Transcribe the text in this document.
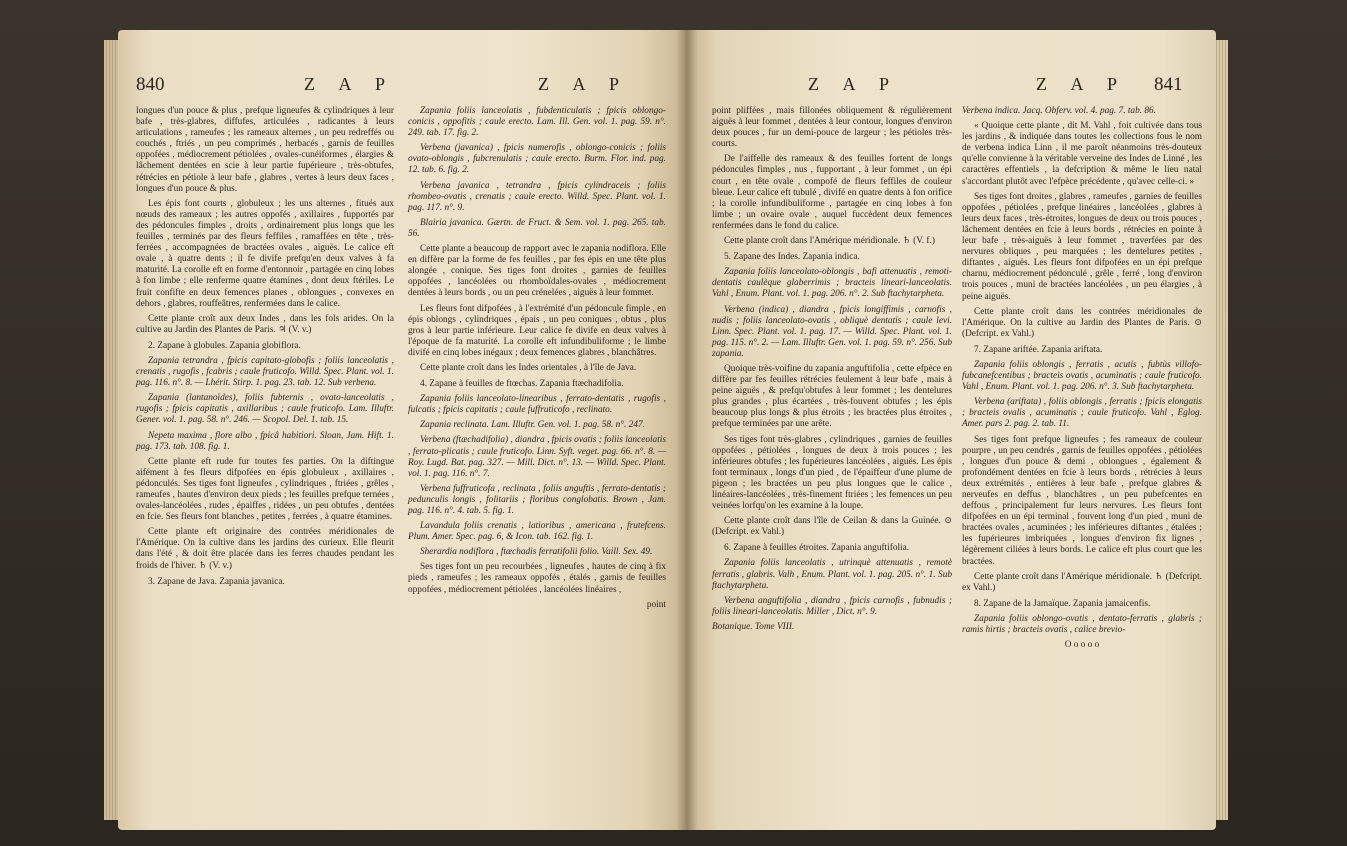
840	Z A P	Z A P

longues d'un pouce & plus , prefque ligneufes & cylindriques à leur bafe , très-glabres, diffufes, articulées , radicantes à leurs articulations , rameufes ; les rameaux alternes , un peu redreffés ou couchés , ftriés , un peu comprimés , herbacés , garnis de feuilles oppofées , médiocrement pétiolées , ovales-cunéiformes , élargies & lâchement dentées en scie à leur partie fupérieure , très-obtufes, rétrécies en pétiole à leur bafe , glabres , vertes à leurs deux faces , longues d'un pouce & plus.

Les épis font courts , globuleux ; les uns alternes , fitués aux nœuds des rameaux ; les autres oppofés , axillaires , fupportés par des pédoncules fimples , droits , ordinairement plus longs que les feuilles , terminés par des fleurs feffiles , ramaffées en tête , très-ferrées , accompagnées de bractées ovales , aiguës. Le calice eft ovale , à quatre dents ; il fe divife prefqu'en deux valves à fa maturité. La corolle eft en forme d'entonnoir , partagée en cinq lobes à fon limbe ; elle renferme quatre étamines , dont deux ftériles. Le fruit confifte en deux femences planes , oblongues , convexes en dehors , glabres, rouffeâtres, renfermées dans le calice.

Cette plante croît aux deux Indes , dans les fols arides. On la cultive au Jardin des Plantes de Paris. ♃ (V. v.)

2. Zapane à globules. Zapania globiflora.

Zapania tetrandra , fpicis capitato-globofis ; foliis lanceolatis , crenatis , rugofis , fcabris ; caule fruticofo. Willd. Spec. Plant. vol. 1. pag. 116. n°. 8. — Lhérit. Stirp. 1. pag. 23. tab. 12. Sub verbena.

Zapania (lantanoïdes), foliis fubternis , ovato-lanceolatis , rugofis ; fpicis capitatis , axillaribus ; caule fruticofo. Lam. Illuftr. Gener. vol. 1. pag. 58. n°. 246. — Scopol. Del. 1. tab. 15.

Nepeta maxima , flore albo , fpicâ habitiori. Sloan, Jam. Hift. 1. pag. 173. tab. 108. fig. 1.

Cette plante eft rude fur toutes fes parties. On la diftingue aifément à fes fleurs difpofées en épis globuleux , axillaires , pédonculés. Ses tiges font ligneufes , cylindriques , ftriées , grêles , rameufes , hautes d'environ deux pieds ; les feuilles prefque ternées , ovales-lancéolées , rudes , épaiffes , ridées , un peu obtufes , dentées en fcie. Ses fleurs font blanches , petites , ferrées , à quatre étamines.

Cette plante eft originaire des contrées méridionales de l'Amérique. On la cultive dans les jardins des curieux. Elle fleurit dans l'été , & doit être placée dans les ferres chaudes pendant les froids de l'hiver. ♄ (V. v.)

3. Zapane de Java. Zapania javanica.

Zapania foliis lanceolatis , fubdenticulatis ; fpicis oblongo-conicis , oppofitis ; caule erecto. Lam. Ill. Gen. vol. 1. pag. 59. n°. 249. tab. 17. fig. 2.

Verbena (javanica) , fpicis numerofis , oblongo-conicis ; foliis ovato-oblongis , fubcrenulatis ; caule erecto. Burm. Flor. ind. pag. 12. tab. 6. fig. 2.

Verbena javanica , tetrandra , fpicis cylindraceis ; foliis rhombeo-ovatis , crenatis ; caule erecto. Willd. Spec. Plant. vol. 1. pag. 117. n°. 9.

Blairia javanica. Gærtn. de Fruct. & Sem. vol. 1. pag. 265. tab. 56.

Cette plante a beaucoup de rapport avec le zapania nodiflora. Elle en diffère par la forme de fes feuilles , par fes épis en une tête plus alongée , conique. Ses tiges font droites , garnies de feuilles oppofées , lancéolées ou rhomboïdales-ovales , médiocrement dentées à leurs bords , ou un peu crénelées , aiguës à leur fommet.

Les fleurs font difpofées , à l'extrémité d'un pédoncule fimple , en épis oblongs , cylindriques , épais , un peu coniques , obtus , plus gros à leur partie inférieure. Leur calice fe divife en deux valves à l'époque de fa maturité. La corolle eft infundibuliforme ; le limbe divifé en cinq lobes inégaux ; deux femences glabres , blanchâtres.

Cette plante croît dans les Indes orientales , à l'île de Java.

4. Zapane à feuilles de ftœchas. Zapania ftæchadifolia.

Zapania foliis lanceolato-linearibus , ferrato-dentatis , rugofis , fulcatis ; fpicis capitatis ; caule fuffruticofo , reclinato.

Zapania reclinata. Lam. Illuftr. Gen. vol. 1. pag. 58. n°. 247.

Verbena (ftæchadifolia) , diandra , fpicis ovatis ; foliis lanceolatis , ferrato-plicatis ; caule fruticofo. Linn. Syft. veget. pag. 66. n°. 8. — Roy. Lugd. Bat. pag. 327. — Mill. Dict. n°. 13. — Willd. Spec. Plant. vol. 1. pag. 116. n°. 7.

Verbena fuffruticofa , reclinata , foliis anguftis , ferrato-dentatis ; pedunculis longis , folitariis ; floribus conglobatis. Brown , Jam. pag. 116. n°. 4. tab. 5. fig. 1.

Lavandula foliis crenatis , latioribus , americana , frutefcens. Plum. Amer. Spec. pag. 6, & Icon. tab. 162. fig. 1.

Sherardia nodiflora , ftæchadis ferratifolii folio. Vaill. Sex. 49.

Ses tiges font un peu recourbées , ligneufes , hautes de cinq à fix pieds , rameufes ; les rameaux oppofés , étalés , garnis de feuilles oppofées , médiocrement pétiolées , lancéolées linéaires ,

point
Z A P	Z A P 841

point pliffées , mais fillonées obliquement & régulièrement aiguës à leur fommet , dentées à leur contour, longues d'environ deux pouces , fur un demi-pouce de largeur ; les pétioles très-courts.

De l'aiffelle des rameaux & des feuilles fortent de longs pédoncules fimples , nus , fupportant , à leur fommet , un épi court , en tête ovale , compofé de fleurs feffiles de couleur bleue. Leur calice eft tubulé , divifé en quatre dents à fon orifice ; la corolle infundibuliforme , partagée en cinq lobes à fon limbe ; un ovaire ovale , auquel fuccèdent deux femences renfermées dans le fond du calice.

Cette plante croît dans l'Amérique méridionale. ♄ (V. f.)

5. Zapane des Indes. Zapania indica.

Zapania foliis lanceolato-oblongis , bafi attenuatis , remoti-dentatis caulèque glaberrimis ; bracteis lineari-lanceolatis. Vahl , Enum. Plant. vol. 1. pag. 206. n°. 2. Sub ftachytarpheta.

Verbena (indica) , diandra , fpicis longiffimis , carnofis , nudis ; foliis lanceolato-ovatis , obliquè dentatis ; caule levi. Linn. Spec. Plant. vol. 1. pag. 17. — Willd. Spec. Plant. vol. 1. pag. 115. n°. 2. — Lam. Illuftr. Gen. vol. 1. pag. 59. n°. 256. Sub zapania.

Quoique très-voifine du zapania anguftifolia , cette efpèce en diffère par fes feuilles rétrécies feulement à leur bafe , mais à peine aiguës , & prefqu'obtufes à leur fommet ; les dentelures plus grandes , plus écartées , très-fouvent obtufes ; les épis beaucoup plus longs & plus étroits ; les bractées plus étroites , prefque terminées par une arête.

Ses tiges font très-glabres , cylindriques , garnies de feuilles oppofées , pétiolées , longues de deux à trois pouces ; les inférieures obtufes ; les fupérieures lancéolées , aiguës. Les épis font terminaux , longs d'un pied , de l'épaiffeur d'une plume de pigeon ; les bractées un peu plus longues que le calice , linéaires-lancéolées , très-finement ftriées ; les femences un peu veinées lorfqu'on les examine à la loupe.

Cette plante croît dans l'île de Ceilan & dans la Guinée. ⊙ (Defcript. ex Vahl.)

6. Zapane à feuilles étroites. Zapania anguftifolia.

Zapania foliis lanceolatis , utrinquè attenuatis , remotè ferratis , glabris. Valh , Enum. Plant. vol. 1. pag. 205. n°. 1. Sub ftachytarpheta.

Verbena anguftifolia , diandra , fpicis carnofis , fubnudis ; foliis lineari-lanceolatis. Miller , Dict. n°. 9.

Botanique. Tome VIII.

Verbena indica. Jacq. Obferv. vol. 4. pag. 7. tab. 86.

« Quoique cette plante , dit M. Vahl , foit cultivée dans tous les jardins , & indiquée dans toutes les collections fous le nom de verbena indica Linn , il me paroît néanmoins très-douteux qu'elle convienne à la véritable verveine des Indes de Linné , les caractères effentiels , la defcription & même le lieu natal s'accordant plutôt avec l'efpèce précédente , qu'avec celle-ci. »

Ses tiges font droites , glabres , rameufes , garnies de feuilles oppofées , pétiolées , prefque linéaires , lancéolées , glabres à leurs deux faces , très-étroites, longues de deux ou trois pouces , lâchement dentées en fcie à leurs bords , rétrécies en pointe à leur bafe , très-aiguës à leur fommet , traverfées par des nervures obliques , peu marquées ; les dentelures petites , diftantes , aiguës. Les fleurs font difpofées en un épi prefque charnu, médiocrement pédonculé , grêle , ferré , long d'environ trois pouces , muni de bractées lancéolées , un peu élargies , à peine aiguës.

Cette plante croît dans les contrées méridionales de l'Amérique. On la cultive au Jardin des Plantes de Paris. ⊙ (Defcript. ex Vahl.)

7. Zapane ariftée. Zapania ariftata.

Zapania foliis oblongis , ferratis , acutis , fubtùs villofo-fubcanefcentibus ; bracteis ovatis , acuminatis ; caule fruticofo. Vahl , Enum. Plant. vol. 1. pag. 206. n°. 3. Sub ftachytarpheta.

Verbena (ariftata) , foliis oblongis , ferratis ; fpicis elongatis ; bracteis ovalis , acuminatis ; caule fruticofo. Vahl , Eglog. Amer. pars 2. pag. 2. tab. 11.

Ses tiges font prefque ligneufes ; fes rameaux de couleur pourpre , un peu cendrés , garnis de feuilles oppofées , pétiolées , longues d'un pouce & demi , oblongues , également & profondément dentées en fcie à leurs bords , rétrécies à leurs deux extrémités , entières à leur bafe , prefque glabres & nerveufes en deffus , blanchâtres , un peu pubefcentes en deffous , principalement fur leurs nervures. Les fleurs font difpofées en un épi terminal , fouvent long d'un pied , muni de bractées ovales , acuminées ; les inférieures diftantes , étalées ; les fupérieures imbriquées , longues d'environ fix lignes , légèrement ciliées à leurs bords. Le calice eft plus court que les bractées.

Cette plante croît dans l'Amérique méridionale. ♄ (Defcript. ex Vahl.)

8. Zapane de la Jamaïque. Zapania jamaicenfis.

Zapania foliis oblongo-ovatis , dentato-ferratis , glabris ; ramis hirtis ; bracteis ovatis , calice brevio-

O o o o o
